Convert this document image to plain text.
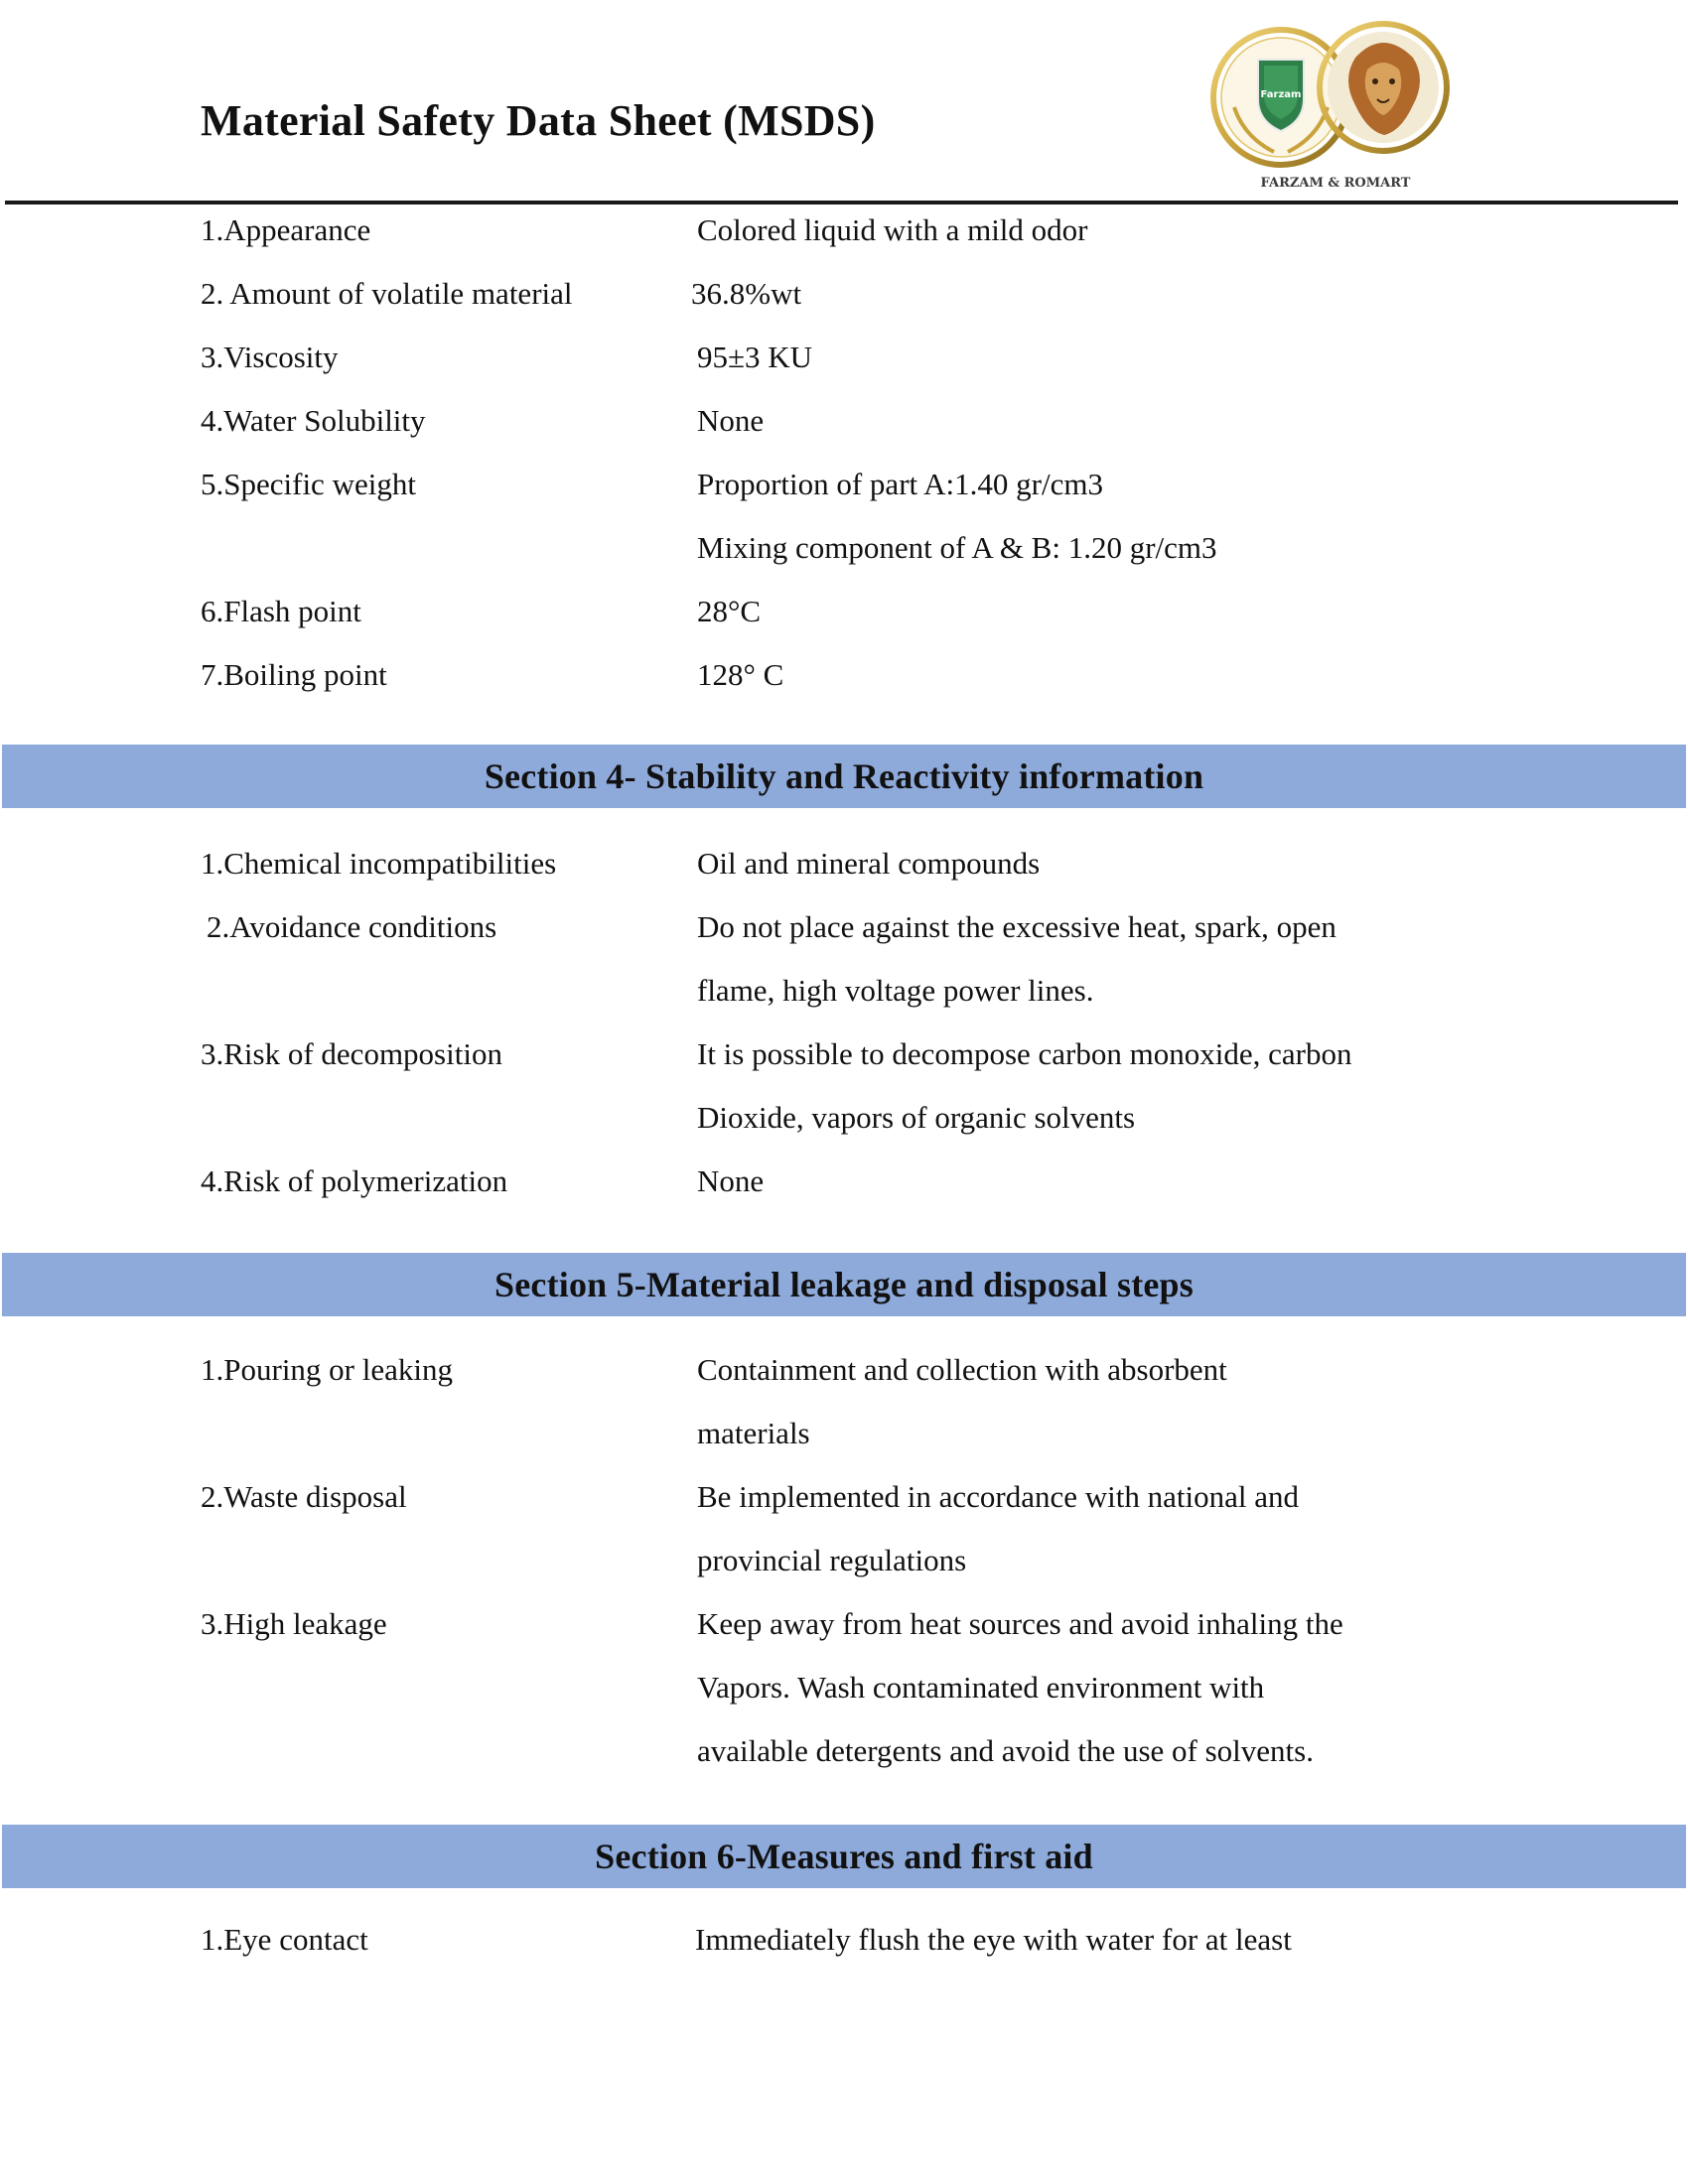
Material Safety Data Sheet (MSDS)
Farzam
FARZAM & ROMART
1.Appearance	Colored liquid with a mild odor
2. Amount of volatile material	36.8%wt
3.Viscosity	95±3 KU
4.Water Solubility	None
5.Specific weight	Proportion of part A:1.40 gr/cm3
Mixing component of A & B: 1.20 gr/cm3
6.Flash point	28°C
7.Boiling point	128° C
Section 4- Stability and Reactivity information
1.Chemical incompatibilities	Oil and mineral compounds
2.Avoidance conditions	Do not place against the excessive heat, spark, open
flame, high voltage power lines.
3.Risk of decomposition	It is possible to decompose carbon monoxide, carbon
Dioxide, vapors of organic solvents
4.Risk of polymerization	None
Section 5-Material leakage and disposal steps
1.Pouring or leaking	Containment and collection with absorbent
materials
2.Waste disposal	Be implemented in accordance with national and
provincial regulations
3.High leakage	Keep away from heat sources and avoid inhaling the
Vapors. Wash contaminated environment with
available detergents and avoid the use of solvents.
Section 6-Measures and first aid
1.Eye contact	Immediately flush the eye with water for at least
